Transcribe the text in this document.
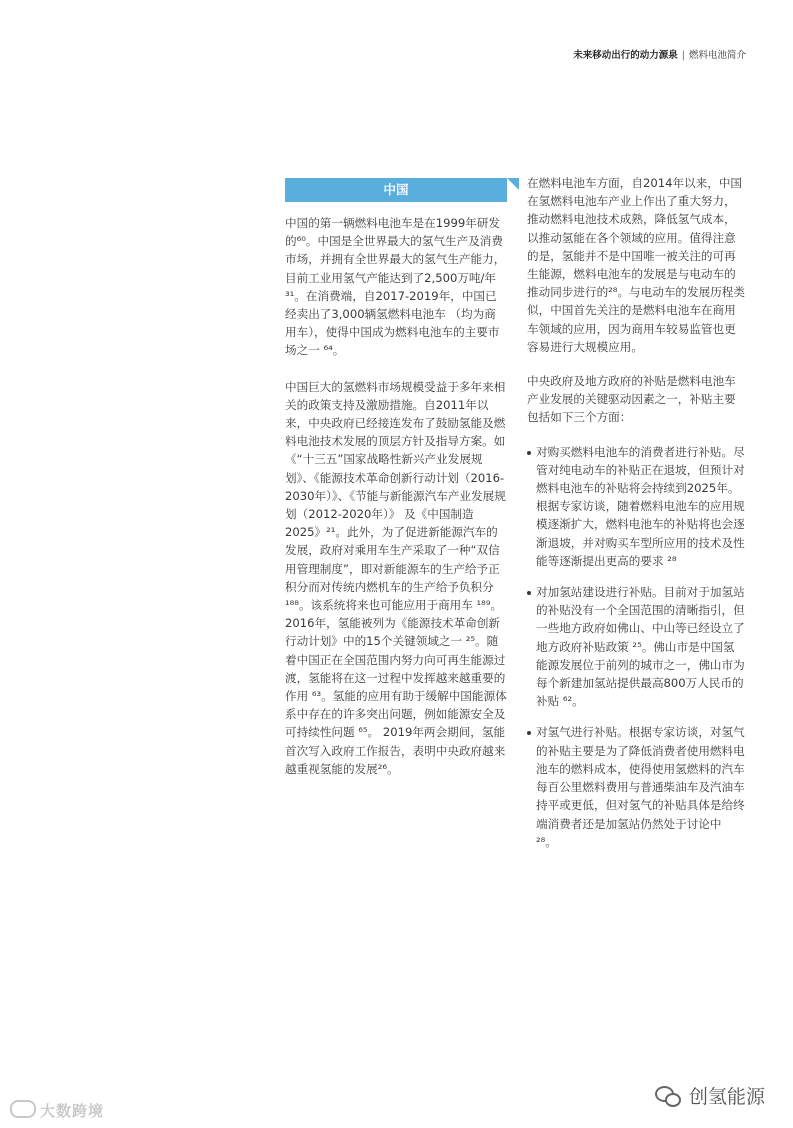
未来移动出行的动力源泉 | 燃料电池简介
中国

中国的第一辆燃料电池车是在1999年研发的⁶⁰。中国是全世界最大的氢气生产及消费市场，并拥有全世界最大的氢气生产能力，目前工业用氢气产能达到了2,500万吨/年 ³¹。在消费端，自2017-2019年，中国已经卖出了3,000辆氢燃料电池车 （均为商用车），使得中国成为燃料电池车的主要市场之一 ⁶⁴。

中国巨大的氢燃料市场规模受益于多年来相关的政策支持及激励措施。自2011年以来，中央政府已经接连发布了鼓励氢能及燃料电池技术发展的顶层方针及指导方案。如《“十三五”国家战略性新兴产业发展规划》、《能源技术革命创新行动计划（2016-2030年）》、《节能与新能源汽车产业发展规划（2012-2020年）》 及《中国制造2025》²¹。此外，为了促进新能源汽车的发展，政府对乘用车生产采取了一种“双信用管理制度”，即对新能源车的生产给予正积分而对传统内燃机车的生产给予负积分 ¹⁸⁸。该系统将来也可能应用于商用车 ¹⁸⁹。2016年，氢能被列为《能源技术革命创新行动计划》中的15个关键领域之一 ²⁵。随着中国正在全国范围内努力向可再生能源过渡，氢能将在这一过程中发挥越来越重要的作用 ⁶³。氢能的应用有助于缓解中国能源体系中存在的许多突出问题，例如能源安全及可持续性问题 ⁶⁵。 2019年两会期间，氢能首次写入政府工作报告，表明中央政府越来越重视氢能的发展²⁶。

在燃料电池车方面，自2014年以来，中国在氢燃料电池车产业上作出了重大努力，推动燃料电池技术成熟，降低氢气成本，以推动氢能在各个领域的应用。值得注意的是，氢能并不是中国唯一被关注的可再生能源，燃料电池车的发展是与电动车的推动同步进行的²⁸。与电动车的发展历程类似，中国首先关注的是燃料电池车在商用车领域的应用，因为商用车较易监管也更容易进行大规模应用。

中央政府及地方政府的补贴是燃料电池车产业发展的关键驱动因素之一，补贴主要包括如下三个方面：

对购买燃料电池车的消费者进行补贴。尽管对纯电动车的补贴正在退坡，但预计对燃料电池车的补贴将会持续到2025年。根据专家访谈，随着燃料电池车的应用规模逐渐扩大，燃料电池车的补贴将也会逐渐退坡，并对购买车型所应用的技术及性能等逐渐提出更高的要求 ²⁸
对加氢站建设进行补贴。目前对于加氢站的补贴没有一个全国范围的清晰指引，但一些地方政府如佛山、中山等已经设立了地方政府补贴政策 ²⁵。佛山市是中国氢能源发展位于前列的城市之一，佛山市为每个新建加氢站提供最高800万人民币的补贴 ⁶²。
对氢气进行补贴。根据专家访谈，对氢气的补贴主要是为了降低消费者使用燃料电池车的燃料成本，使得使用氢燃料的汽车每百公里燃料费用与普通柴油车及汽油车持平或更低，但对氢气的补贴具体是给终端消费者还是加氢站仍然处于讨论中 ²⁸。
大数跨境
创氢能源
